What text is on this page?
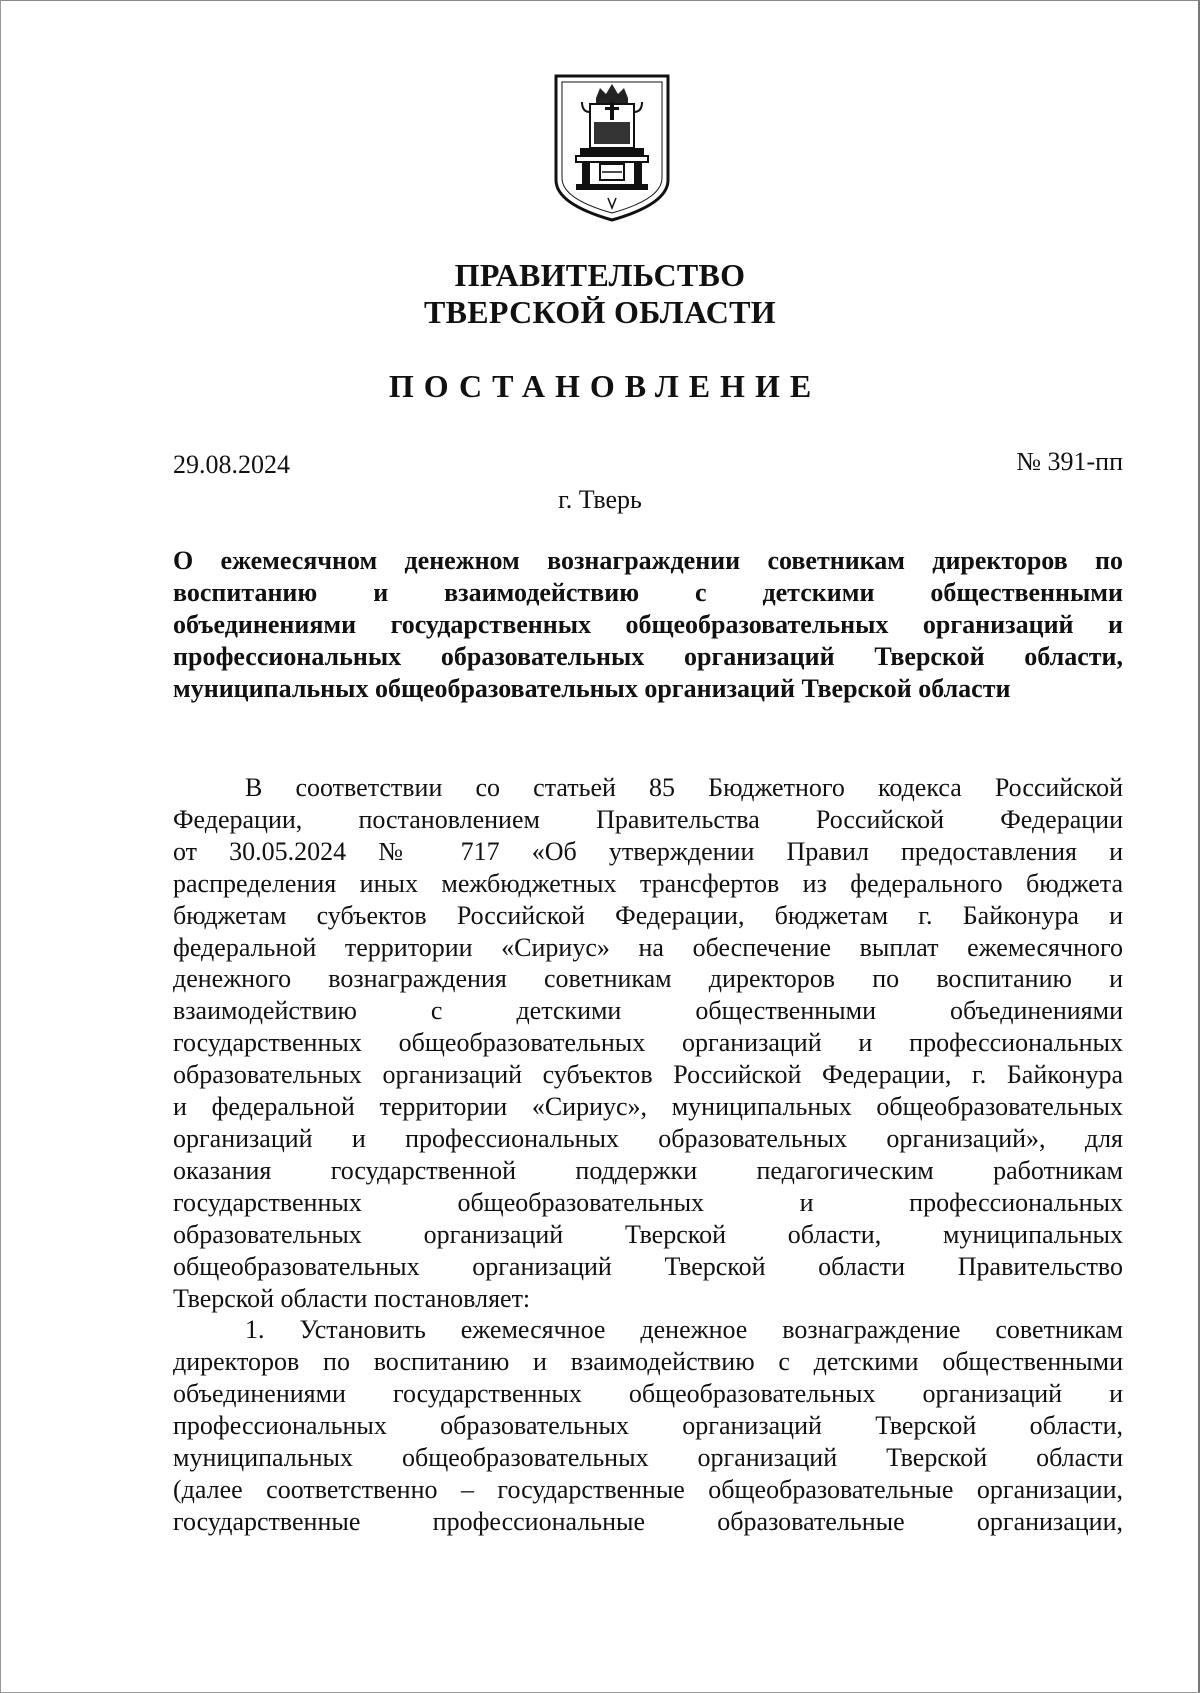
ПРАВИТЕЛЬСТВО
ТВЕРСКОЙ ОБЛАСТИ
ПОСТАНОВЛЕНИЕ
29.08.2024	№ 391-пп
г. Тверь
О ежемесячном денежном вознаграждении советникам директоров по
воспитанию и взаимодействию с детскими общественными
объединениями государственных общеобразовательных организаций и
профессиональных образовательных организаций Тверской области,
муниципальных общеобразовательных организаций Тверской области
В соответствии со статьей 85 Бюджетного кодекса Российской
Федерации, постановлением Правительства Российской Федерации
от 30.05.2024 № 717 «Об утверждении Правил предоставления и
распределения иных межбюджетных трансфертов из федерального бюджета
бюджетам субъектов Российской Федерации, бюджетам г. Байконура и
федеральной территории «Сириус» на обеспечение выплат ежемесячного
денежного вознаграждения советникам директоров по воспитанию и
взаимодействию с детскими общественными объединениями
государственных общеобразовательных организаций и профессиональных
образовательных организаций субъектов Российской Федерации, г. Байконура
и федеральной территории «Сириус», муниципальных общеобразовательных
организаций и профессиональных образовательных организаций», для
оказания государственной поддержки педагогическим работникам
государственных общеобразовательных и профессиональных
образовательных организаций Тверской области, муниципальных
общеобразовательных организаций Тверской области Правительство
Тверской области постановляет:
1. Установить ежемесячное денежное вознаграждение советникам
директоров по воспитанию и взаимодействию с детскими общественными
объединениями государственных общеобразовательных организаций и
профессиональных образовательных организаций Тверской области,
муниципальных общеобразовательных организаций Тверской области
(далее соответственно – государственные общеобразовательные организации,
государственные профессиональные образовательные организации,
